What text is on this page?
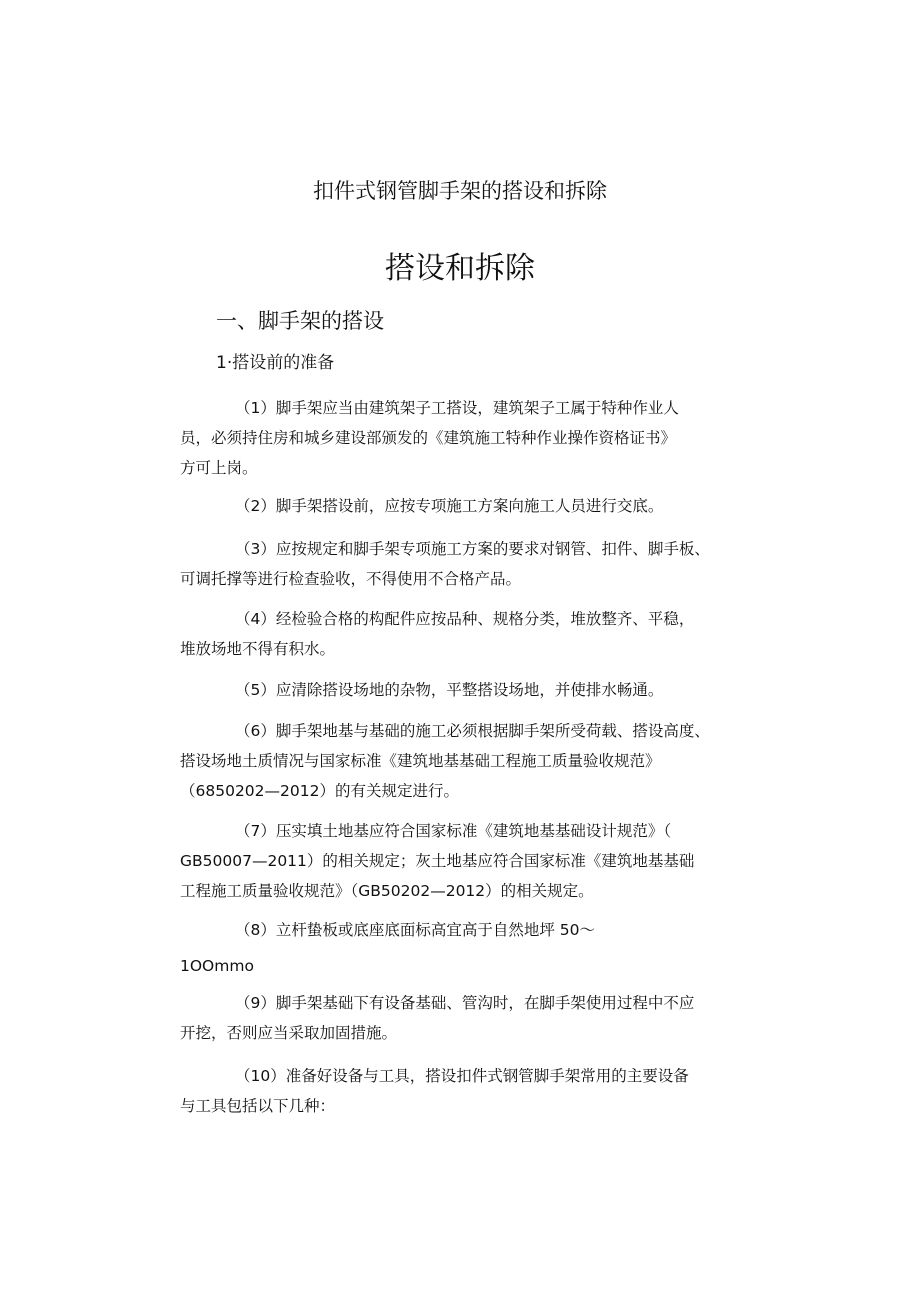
扣件式钢管脚手架的搭设和拆除
搭设和拆除
一、脚手架的搭设
1·搭设前的准备
（1）脚手架应当由建筑架子工搭设，建筑架子工属于特种作业人
员，必须持住房和城乡建设部颁发的《建筑施工特种作业操作资格证书》
方可上岗。
（2）脚手架搭设前，应按专项施工方案向施工人员进行交底。
（3）应按规定和脚手架专项施工方案的要求对钢管、扣件、脚手板、
可调托撑等进行检查验收，不得使用不合格产品。
（4）经检验合格的构配件应按品种、规格分类，堆放整齐、平稳，
堆放场地不得有积水。
（5）应清除搭设场地的杂物，平整搭设场地，并使排水畅通。
（6）脚手架地基与基础的施工必须根据脚手架所受荷载、搭设高度、
搭设场地土质情况与国家标准《建筑地基基础工程施工质量验收规范》
（6850202—2012）的有关规定进行。
（7）压实填土地基应符合国家标准《建筑地基基础设计规范》（
GB50007—2011）的相关规定；灰土地基应符合国家标准《建筑地基基础
工程施工质量验收规范》（GB50202—2012）的相关规定。
（8）立杆蛰板或底座底面标高宜高于自然地坪 50～
1OOmmo
（9）脚手架基础下有设备基础、管沟时，在脚手架使用过程中不应
开挖，否则应当采取加固措施。
（10）准备好设备与工具，搭设扣件式钢管脚手架常用的主要设备
与工具包括以下几种：
